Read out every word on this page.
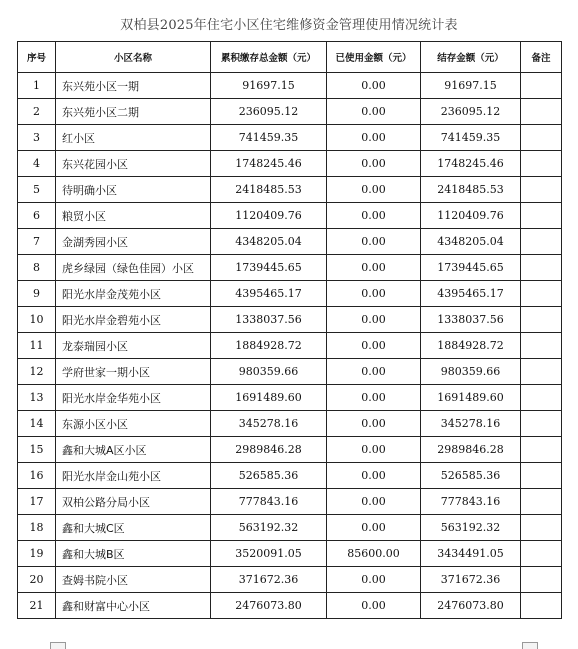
双柏县2025年住宅小区住宅维修资金管理使用情况统计表
序号	小区名称	累积缴存总金额（元）	已使用金额（元）	结存金额（元）	备注
1	东兴苑小区一期	91697.15	0.00	91697.15	
2	东兴苑小区二期	236095.12	0.00	236095.12	
3	红小区	741459.35	0.00	741459.35	
4	东兴花园小区	1748245.46	0.00	1748245.46	
5	待明确小区	2418485.53	0.00	2418485.53	
6	粮贸小区	1120409.76	0.00	1120409.76	
7	金湖秀园小区	4348205.04	0.00	4348205.04	
8	虎乡绿园（绿色佳园）小区	1739445.65	0.00	1739445.65	
9	阳光水岸金茂苑小区	4395465.17	0.00	4395465.17	
10	阳光水岸金碧苑小区	1338037.56	0.00	1338037.56	
11	龙泰瑞园小区	1884928.72	0.00	1884928.72	
12	学府世家一期小区	980359.66	0.00	980359.66	
13	阳光水岸金华苑小区	1691489.60	0.00	1691489.60	
14	东源小区小区	345278.16	0.00	345278.16	
15	鑫和大城A区小区	2989846.28	0.00	2989846.28	
16	阳光水岸金山苑小区	526585.36	0.00	526585.36	
17	双柏公路分局小区	777843.16	0.00	777843.16	
18	鑫和大城C区	563192.32	0.00	563192.32	
19	鑫和大城B区	3520091.05	85600.00	3434491.05	
20	查姆书院小区	371672.36	0.00	371672.36	
21	鑫和财富中心小区	2476073.80	0.00	2476073.80	
